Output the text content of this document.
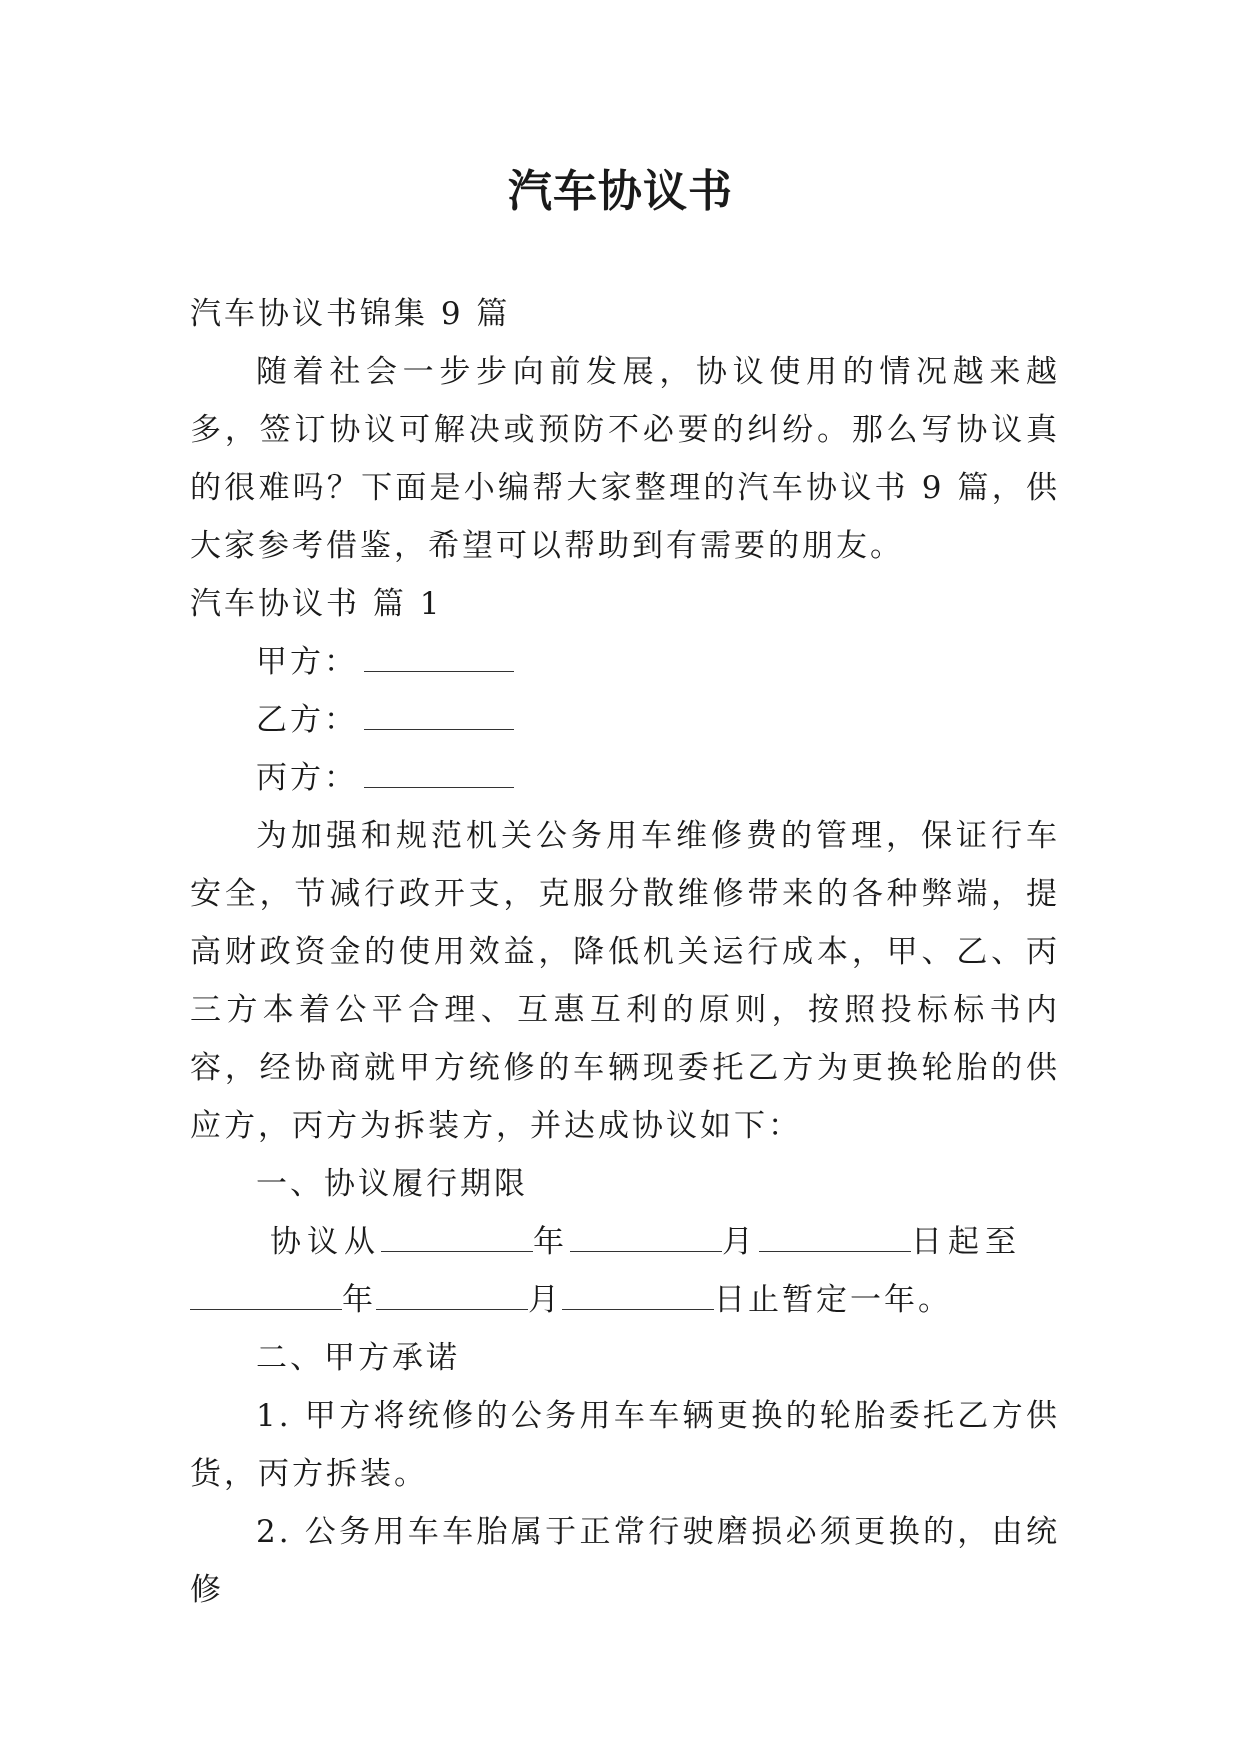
汽车协议书

汽车协议书锦集 9 篇

随着社会一步步向前发展，协议使用的情况越来越多，签订协议可解决或预防不必要的纠纷。那么写协议真的很难吗？下面是小编帮大家整理的汽车协议书 9 篇，供大家参考借鉴，希望可以帮助到有需要的朋友。

汽车协议书 篇 1

甲方：

乙方：

丙方：

为加强和规范机关公务用车维修费的管理，保证行车安全，节减行政开支，克服分散维修带来的各种弊端，提高财政资金的使用效益，降低机关运行成本，甲、乙、丙三方本着公平合理、互惠互利的原则，按照投标标书内容，经协商就甲方统修的车辆现委托乙方为更换轮胎的供应方，丙方为拆装方，并达成协议如下：

一、协议履行期限

协议从	年	月	日起至

年	月	日止暂定一年。

二、甲方承诺

1. 甲方将统修的公务用车车辆更换的轮胎委托乙方供货，丙方拆装。

2. 公务用车车胎属于正常行驶磨损必须更换的，由统修
